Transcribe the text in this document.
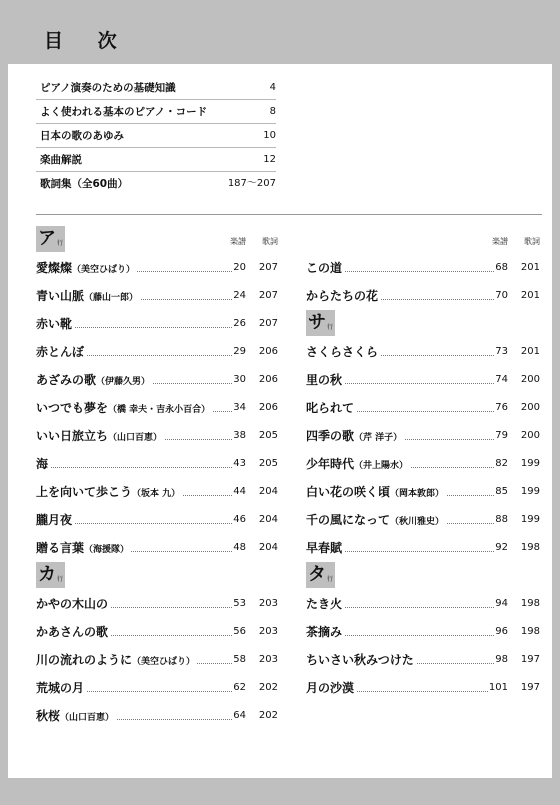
目 次
ピアノ演奏のための基礎知識	4
よく使われる基本のピアノ・コード	8
日本の歌のあゆみ	10
楽曲解説	12
歌詞集（全60曲）	187〜207
ア 行	楽譜 歌詞
愛燦燦（美空ひばり）	20 207
青い山脈（藤山一郎）	24 207
赤い靴	26 207
赤とんぼ	29 206
あざみの歌（伊藤久男）	30 206
いつでも夢を（橋 幸夫・吉永小百合） 34 206
いい日旅立ち（山口百恵）	38 205
海	43 205
上を向いて歩こう（坂本 九）	44 204
朧月夜	46 204
贈る言葉（海援隊）	48 204
カ 行
かやの木山の	53 203
かあさんの歌	56 203
川の流れのように（美空ひばり）	58 203
荒城の月	62 202
秋桜（山口百恵）	64 202
楽譜 歌詞
この道	68 201
からたちの花	70 201
サ 行
さくらさくら	73 201
里の秋	74 200
叱られて	76 200
四季の歌（芹 洋子）	79 200
少年時代（井上陽水）	82 199
白い花の咲く頃（岡本敦郎）	85 199
千の風になって（秋川雅史）	88 199
早春賦	92 198
タ 行
たき火	94 198
茶摘み	96 198
ちいさい秋みつけた	98 197
月の沙漠	101 197
